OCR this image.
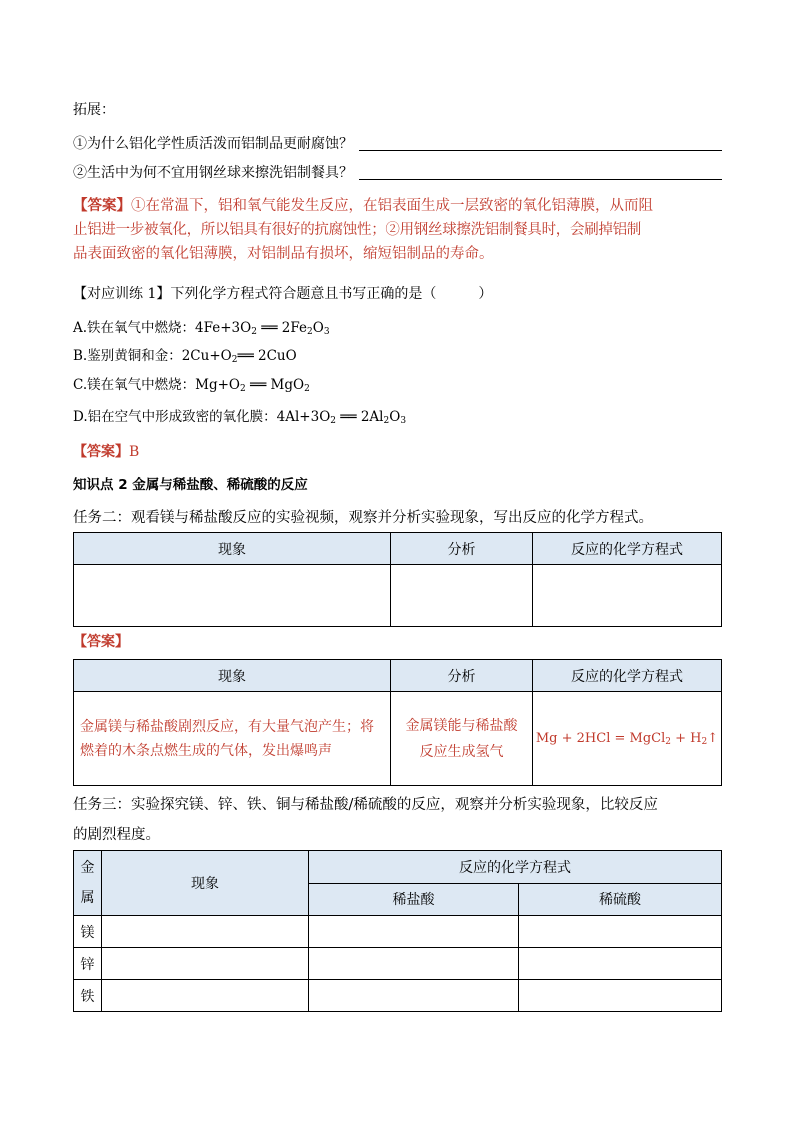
拓展：
①为什么铝化学性质活泼而铝制品更耐腐蚀？
②生活中为何不宜用钢丝球来擦洗铝制餐具？
【答案】①在常温下，铝和氧气能发生反应，在铝表面生成一层致密的氧化铝薄膜，从而阻
止铝进一步被氧化，所以铝具有很好的抗腐蚀性；②用钢丝球擦洗铝制餐具时，会刷掉铝制
品表面致密的氧化铝薄膜，对铝制品有损坏，缩短铝制品的寿命。
【对应训练 1】下列化学方程式符合题意且书写正确的是（　　　）
A.铁在氧气中燃烧：$4Fe+3O_2$ ══ $2Fe_2O_3$
B.鉴别黄铜和金：$2Cu+O_2══$ 2CuO
C.镁在氧气中燃烧：$Mg+O_2$ ══ MgO$_2$
D.铝在空气中形成致密的氧化膜：$4Al+3O_2$ ══ $2Al_2O_3$
【答案】B
知识点 2 金属与稀盐酸、稀硫酸的反应
任务二：观看镁与稀盐酸反应的实验视频，观察并分析实验现象，写出反应的化学方程式。
现象	分析	反应的化学方程式

【答案】
现象	分析	反应的化学方程式
金属镁与稀盐酸剧烈反应，有大量气泡产生；将燃着的木条点燃生成的气体，发出爆鸣声	金属镁能与稀盐酸反应生成氢气	Mg + 2HCl = MgCl$_2$ + $H_2↑$
任务三：实验探究镁、锌、铁、铜与稀盐酸/稀硫酸的反应，观察并分析实验现象，比较反应
的剧烈程度。
金属	现象	反应的化学方程式	
		稀盐酸	稀硫酸
镁			
锌			
铁			
